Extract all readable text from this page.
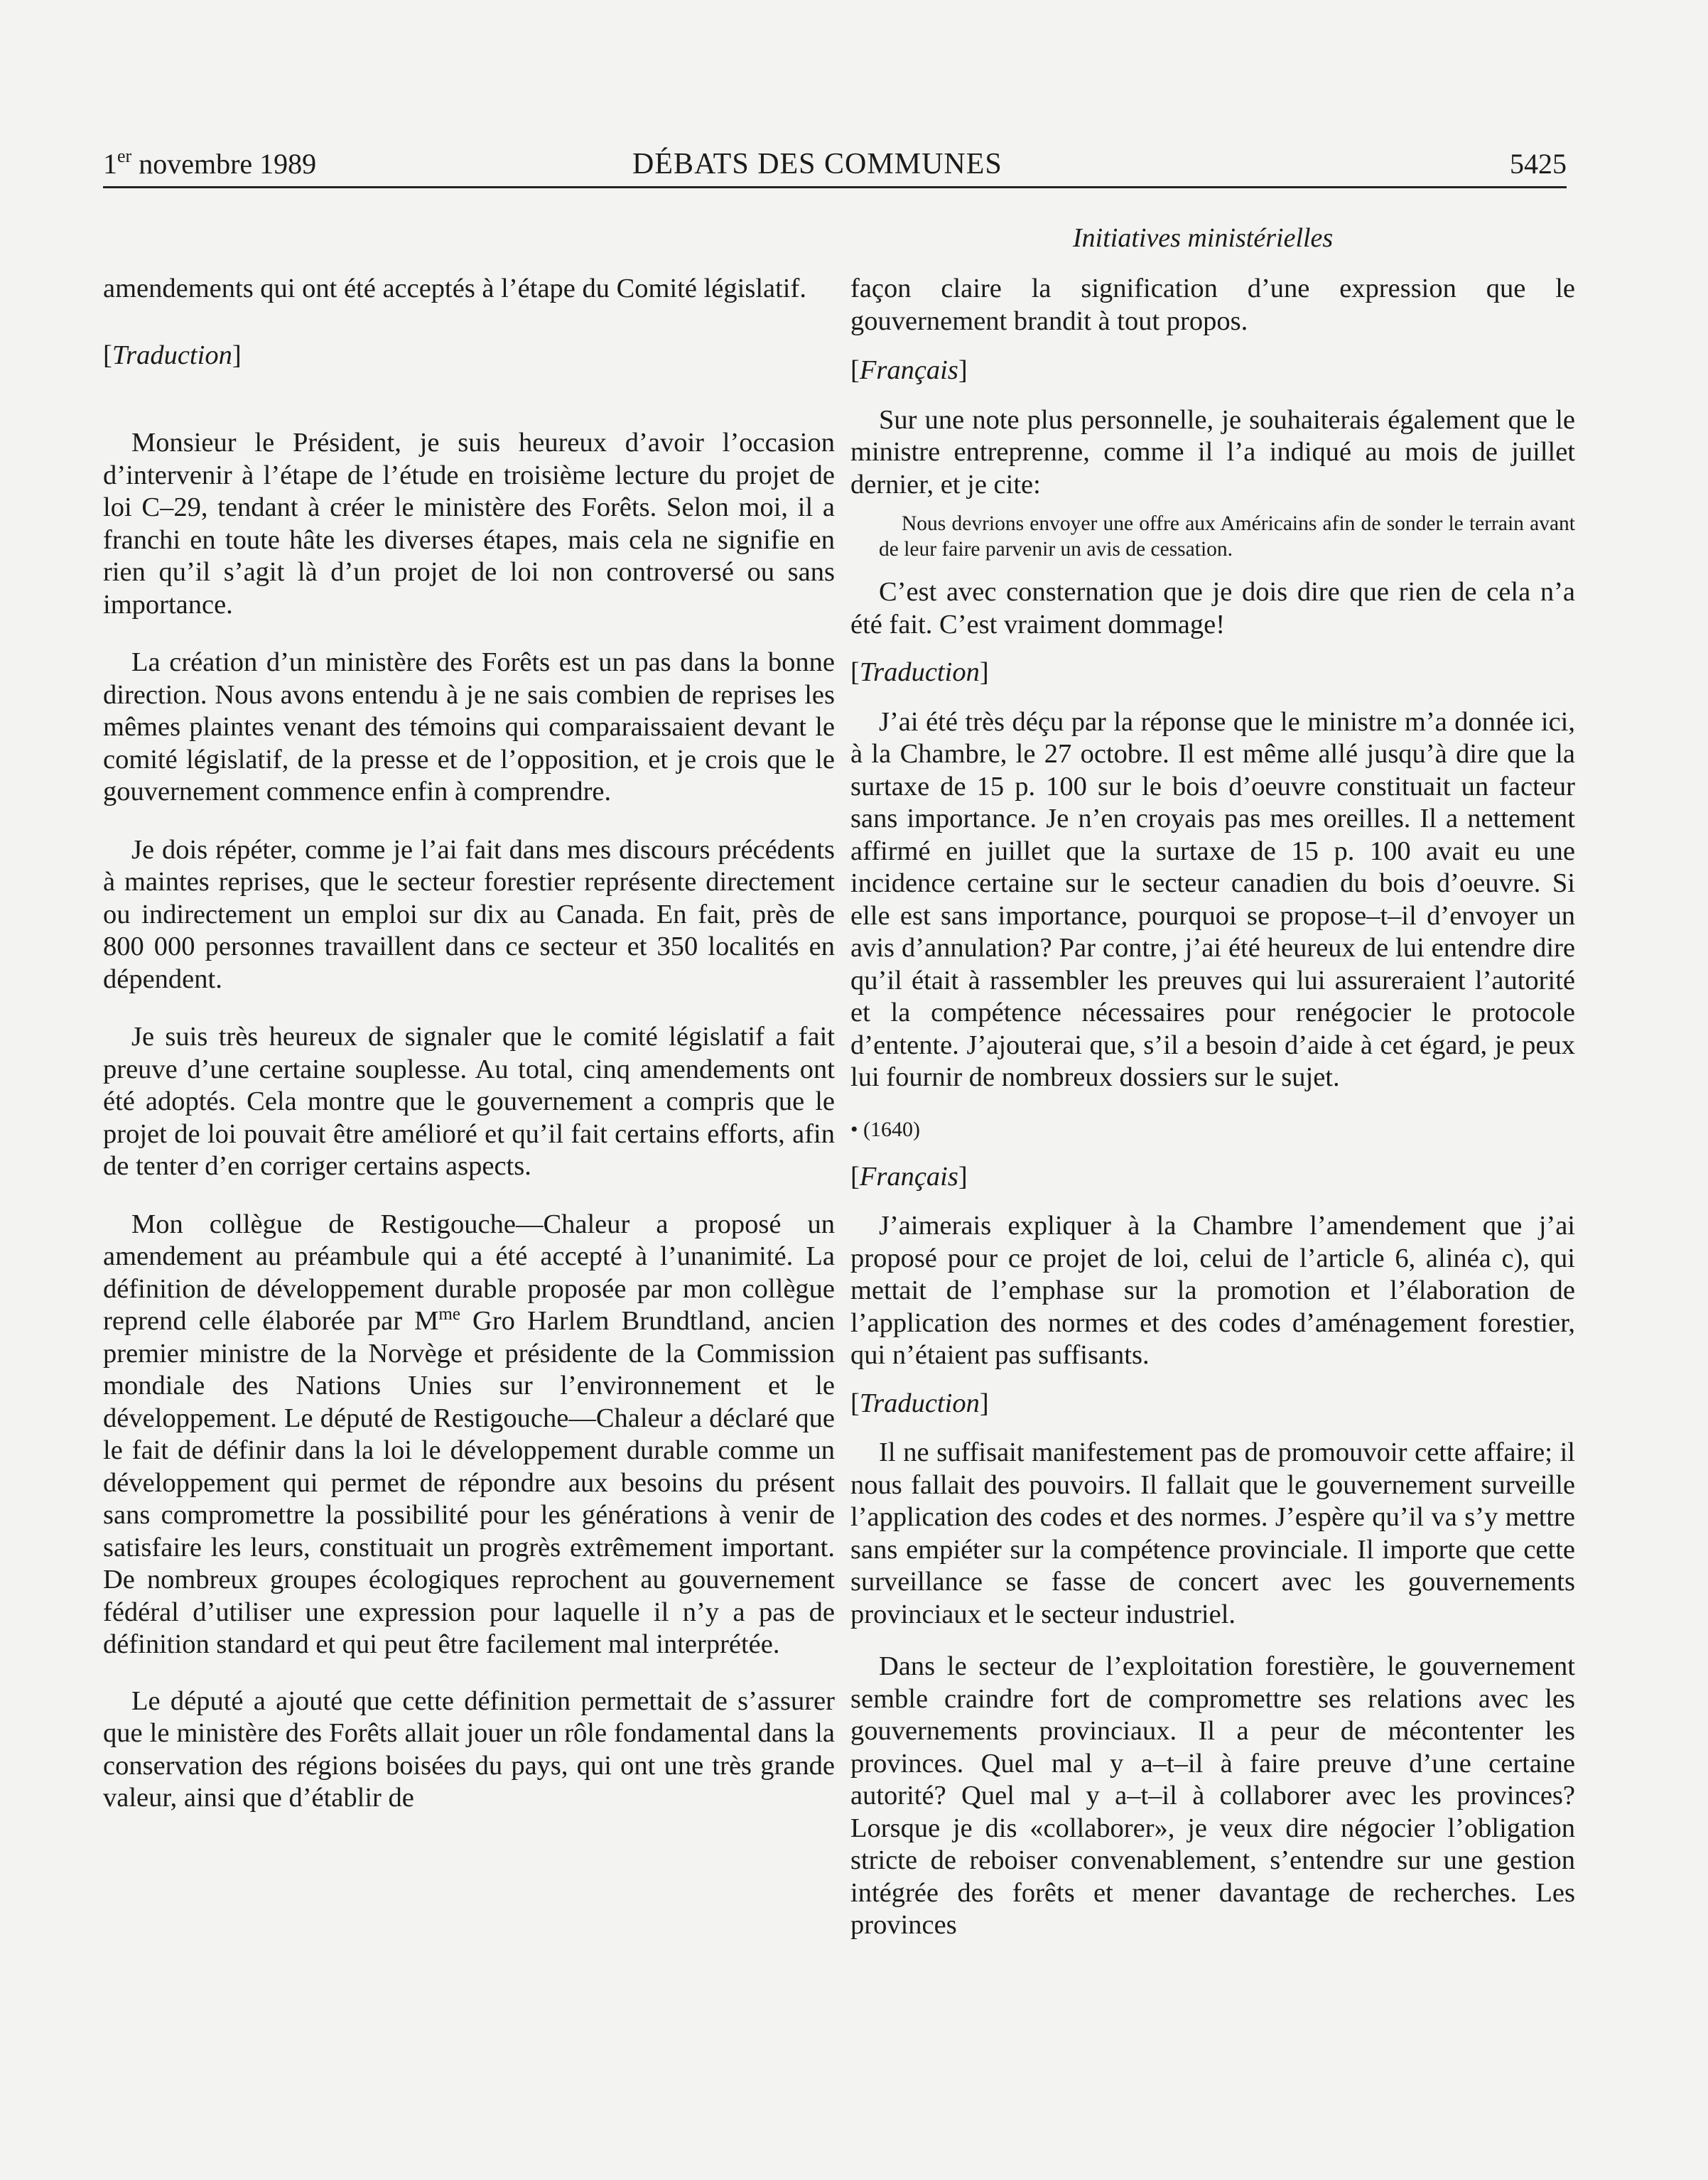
1er novembre 1989	DÉBATS DES COMMUNES	5425
Initiatives ministérielles

amendements qui ont été acceptés à l’étape du Comité législatif.

[Traduction]

Monsieur le Président, je suis heureux d’avoir l’occasion d’intervenir à l’étape de l’étude en troisième lecture du projet de loi C–29, tendant à créer le ministère des Forêts. Selon moi, il a franchi en toute hâte les diverses étapes, mais cela ne signifie en rien qu’il s’agit là d’un projet de loi non controversé ou sans importance.

La création d’un ministère des Forêts est un pas dans la bonne direction. Nous avons entendu à je ne sais combien de reprises les mêmes plaintes venant des témoins qui comparaissaient devant le comité législatif, de la presse et de l’opposition, et je crois que le gouvernement commence enfin à comprendre.

Je dois répéter, comme je l’ai fait dans mes discours précédents à maintes reprises, que le secteur forestier représente directement ou indirectement un emploi sur dix au Canada. En fait, près de 800 000 personnes travaillent dans ce secteur et 350 localités en dépendent.

Je suis très heureux de signaler que le comité législatif a fait preuve d’une certaine souplesse. Au total, cinq amendements ont été adoptés. Cela montre que le gouvernement a compris que le projet de loi pouvait être amélioré et qu’il fait certains efforts, afin de tenter d’en corriger certains aspects.

Mon collègue de Restigouche—Chaleur a proposé un amendement au préambule qui a été accepté à l’unanimité. La définition de développement durable proposée par mon collègue reprend celle élaborée par $M^{me}$ Gro Harlem Brundtland, ancien premier ministre de la Norvège et présidente de la Commission mondiale des Nations Unies sur l’environnement et le développement. Le député de Restigouche—Chaleur a déclaré que le fait de définir dans la loi le développement durable comme un développement qui permet de répondre aux besoins du présent sans compromettre la possibilité pour les générations à venir de satisfaire les leurs, constituait un progrès extrêmement important. De nombreux groupes écologiques reprochent au gouvernement fédéral d’utiliser une expression pour laquelle il n’y a pas de définition standard et qui peut être facilement mal interprétée.

Le député a ajouté que cette définition permettait de s’assurer que le ministère des Forêts allait jouer un rôle fondamental dans la conservation des régions boisées du pays, qui ont une très grande valeur, ainsi que d’établir de

façon claire la signification d’une expression que le gouvernement brandit à tout propos.

[Français]

Sur une note plus personnelle, je souhaiterais également que le ministre entreprenne, comme il l’a indiqué au mois de juillet dernier, et je cite:

Nous devrions envoyer une offre aux Américains afin de sonder le terrain avant de leur faire parvenir un avis de cessation.

C’est avec consternation que je dois dire que rien de cela n’a été fait. C’est vraiment dommage!

[Traduction]

J’ai été très déçu par la réponse que le ministre m’a donnée ici, à la Chambre, le 27 octobre. Il est même allé jusqu’à dire que la surtaxe de 15 p. 100 sur le bois d’oeuvre constituait un facteur sans importance. Je n’en croyais pas mes oreilles. Il a nettement affirmé en juillet que la surtaxe de 15 p. 100 avait eu une incidence certaine sur le secteur canadien du bois d’oeuvre. Si elle est sans importance, pourquoi se propose–t–il d’envoyer un avis d’annulation? Par contre, j’ai été heureux de lui entendre dire qu’il était à rassembler les preuves qui lui assureraient l’autorité et la compétence nécessaires pour renégocier le protocole d’entente. J’ajouterai que, s’il a besoin d’aide à cet égard, je peux lui fournir de nombreux dossiers sur le sujet.

• (1640)

[Français]

J’aimerais expliquer à la Chambre l’amendement que j’ai proposé pour ce projet de loi, celui de l’article 6, alinéa c), qui mettait de l’emphase sur la promotion et l’élaboration de l’application des normes et des codes d’aménagement forestier, qui n’étaient pas suffisants.

[Traduction]

Il ne suffisait manifestement pas de promouvoir cette affaire; il nous fallait des pouvoirs. Il fallait que le gouvernement surveille l’application des codes et des normes. J’espère qu’il va s’y mettre sans empiéter sur la compétence provinciale. Il importe que cette surveillance se fasse de concert avec les gouvernements provinciaux et le secteur industriel.

Dans le secteur de l’exploitation forestière, le gouvernement semble craindre fort de compromettre ses relations avec les gouvernements provinciaux. Il a peur de mécontenter les provinces. Quel mal y a–t–il à faire preuve d’une certaine autorité? Quel mal y a–t–il à collaborer avec les provinces? Lorsque je dis «collaborer», je veux dire négocier l’obligation stricte de reboiser convenablement, s’entendre sur une gestion intégrée des forêts et mener davantage de recherches. Les provinces
